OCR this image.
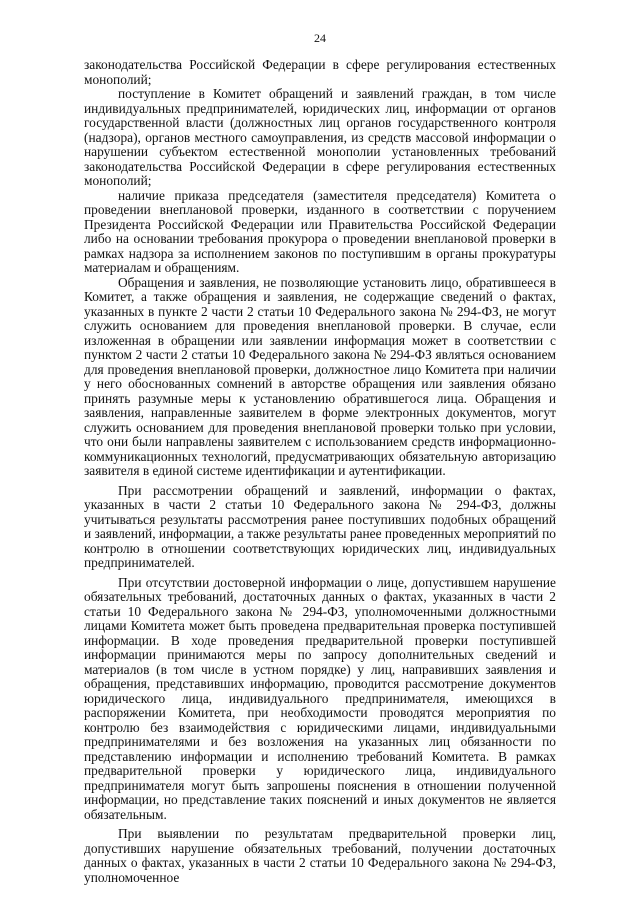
24

законодательства Российской Федерации в сфере регулирования естественных монополий;

поступление в Комитет обращений и заявлений граждан, в том числе индивидуальных предпринимателей, юридических лиц, информации от органов государственной власти (должностных лиц органов государственного контроля (надзора), органов местного самоуправления, из средств массовой информации о нарушении субъектом естественной монополии установленных требований законодательства Российской Федерации в сфере регулирования естественных монополий;

наличие приказа председателя (заместителя председателя) Комитета о проведении внеплановой проверки, изданного в соответствии с поручением Президента Российской Федерации или Правительства Российской Федерации либо на основании требования прокурора о проведении внеплановой проверки в рамках надзора за исполнением законов по поступившим в органы прокуратуры материалам и обращениям.

Обращения и заявления, не позволяющие установить лицо, обратившееся в Комитет, а также обращения и заявления, не содержащие сведений о фактах, указанных в пункте 2 части 2 статьи 10 Федерального закона № 294-ФЗ, не могут служить основанием для проведения внеплановой проверки. В случае, если изложенная в обращении или заявлении информация может в соответствии с пунктом 2 части 2 статьи 10 Федерального закона № 294-ФЗ являться основанием для проведения внеплановой проверки, должностное лицо Комитета при наличии у него обоснованных сомнений в авторстве обращения или заявления обязано принять разумные меры к установлению обратившегося лица. Обращения и заявления, направленные заявителем в форме электронных документов, могут служить основанием для проведения внеплановой проверки только при условии, что они были направлены заявителем с использованием средств информационно-коммуникационных технологий, предусматривающих обязательную авторизацию заявителя в единой системе идентификации и аутентификации.

При рассмотрении обращений и заявлений, информации о фактах, указанных в части 2 статьи 10 Федерального закона № 294-ФЗ, должны учитываться результаты рассмотрения ранее поступивших подобных обращений и заявлений, информации, а также результаты ранее проведенных мероприятий по контролю в отношении соответствующих юридических лиц, индивидуальных предпринимателей.

При отсутствии достоверной информации о лице, допустившем нарушение обязательных требований, достаточных данных о фактах, указанных в части 2 статьи 10 Федерального закона № 294-ФЗ, уполномоченными должностными лицами Комитета может быть проведена предварительная проверка поступившей информации. В ходе проведения предварительной проверки поступившей информации принимаются меры по запросу дополнительных сведений и материалов (в том числе в устном порядке) у лиц, направивших заявления и обращения, представивших информацию, проводится рассмотрение документов юридического лица, индивидуального предпринимателя, имеющихся в распоряжении Комитета, при необходимости проводятся мероприятия по контролю без взаимодействия с юридическими лицами, индивидуальными предпринимателями и без возложения на указанных лиц обязанности по представлению информации и исполнению требований Комитета. В рамках предварительной проверки у юридического лица, индивидуального предпринимателя могут быть запрошены пояснения в отношении полученной информации, но представление таких пояснений и иных документов не является обязательным.

При выявлении по результатам предварительной проверки лиц, допустивших нарушение обязательных требований, получении достаточных данных о фактах, указанных в части 2 статьи 10 Федерального закона № 294-ФЗ, уполномоченное
